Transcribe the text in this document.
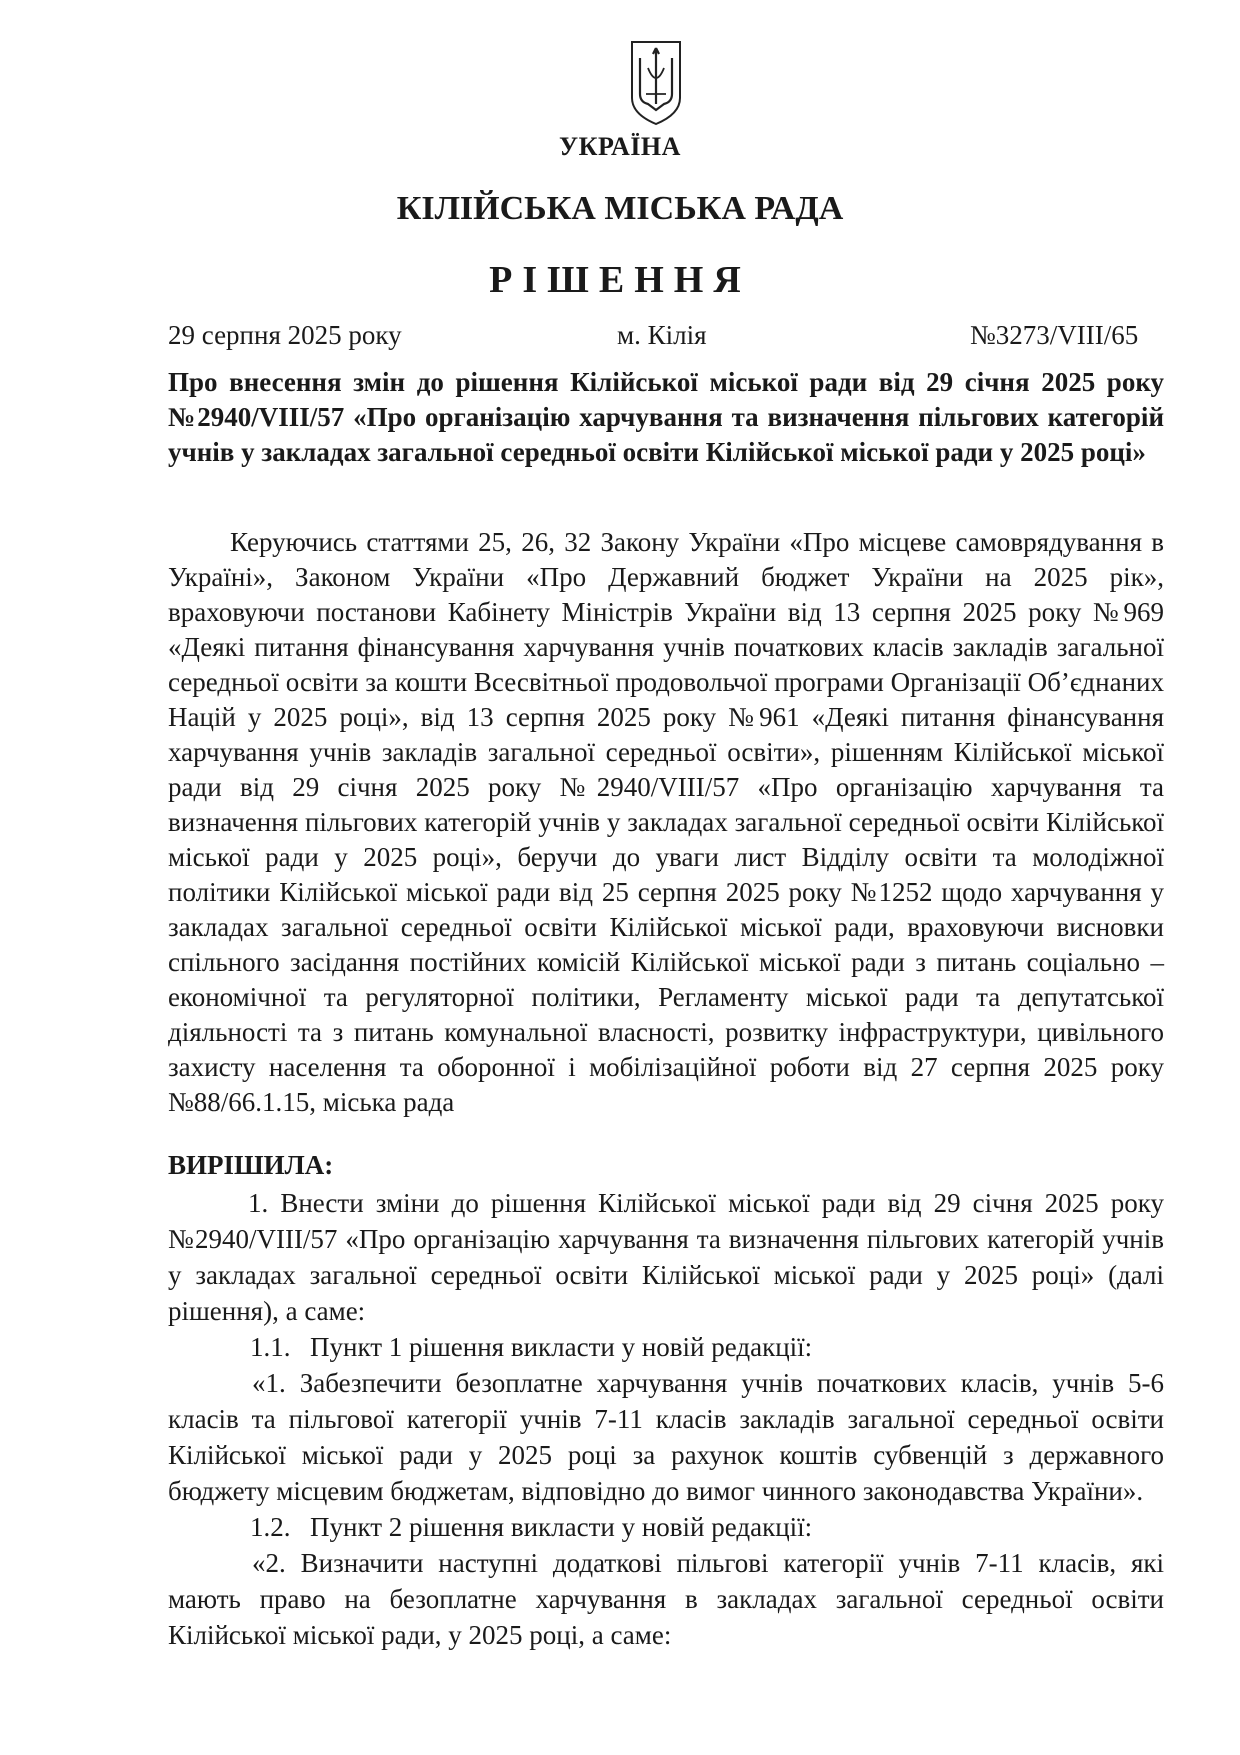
УКРАЇНА
КІЛІЙСЬКА МІСЬКА РАДА
РІШЕННЯ
29 серпня 2025 року	м. Кілія	№3273/VIII/65

Про внесення змін до рішення Кілійської міської ради від 29 січня 2025 року №2940/VIII/57 «Про організацію харчування та визначення пільгових категорій учнів у закладах загальної середньої освіти Кілійської міської ради у 2025 році»

Керуючись статтями 25, 26, 32 Закону України «Про місцеве самоврядування в Україні», Законом України «Про Державний бюджет України на 2025 рік», враховуючи постанови Кабінету Міністрів України від 13 серпня 2025 року №969 «Деякі питання фінансування харчування учнів початкових класів закладів загальної середньої освіти за кошти Всесвітньої продовольчої програми Організації Об’єднаних Націй у 2025 році», від 13 серпня 2025 року №961 «Деякі питання фінансування харчування учнів закладів загальної середньої освіти», рішенням Кілійської міської ради від 29 січня 2025 року №2940/VIII/57 «Про організацію харчування та визначення пільгових категорій учнів у закладах загальної середньої освіти Кілійської міської ради у 2025 році», беручи до уваги лист Відділу освіти та молодіжної політики Кілійської міської ради від 25 серпня 2025 року №1252 щодо харчування у закладах загальної середньої освіти Кілійської міської ради, враховуючи висновки спільного засідання постійних комісій Кілійської міської ради з питань соціально – економічної та регуляторної політики, Регламенту міської ради та депутатської діяльності та з питань комунальної власності, розвитку інфраструктури, цивільного захисту населення та оборонної і мобілізаційної роботи від 27 серпня 2025 року №88/66.1.15, міська рада

ВИРІШИЛА:

1. Внести зміни до рішення Кілійської міської ради від 29 січня 2025 року №2940/VIII/57 «Про організацію харчування та визначення пільгових категорій учнів у закладах загальної середньої освіти Кілійської міської ради у 2025 році» (далі рішення), а саме:

1.1. Пункт 1 рішення викласти у новій редакції:

«1. Забезпечити безоплатне харчування учнів початкових класів, учнів 5-6 класів та пільгової категорії учнів 7-11 класів закладів загальної середньої освіти Кілійської міської ради у 2025 році за рахунок коштів субвенцій з державного бюджету місцевим бюджетам, відповідно до вимог чинного законодавства України».

1.2. Пункт 2 рішення викласти у новій редакції:

«2. Визначити наступні додаткові пільгові категорії учнів 7-11 класів, які мають право на безоплатне харчування в закладах загальної середньої освіти Кілійської міської ради, у 2025 році, а саме:
